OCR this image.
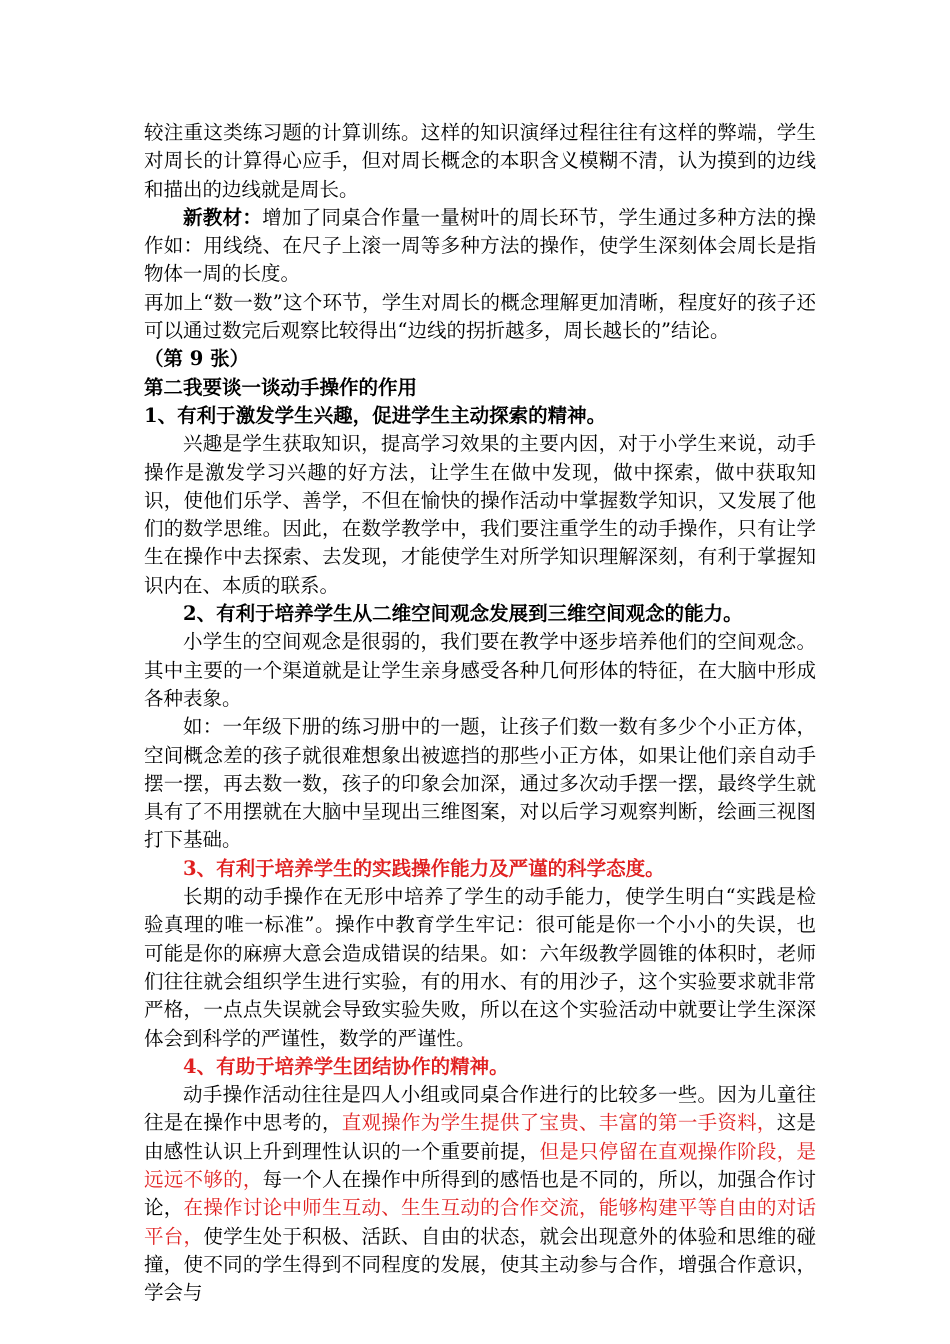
较注重这类练习题的计算训练。这样的知识演绎过程往往有这样的弊端，学生对周长的计算得心应手，但对周长概念的本职含义模糊不清，认为摸到的边线和描出的边线就是周长。

新教材：增加了同桌合作量一量树叶的周长环节，学生通过多种方法的操作如：用线绕、在尺子上滚一周等多种方法的操作，使学生深刻体会周长是指物体一周的长度。

再加上“数一数”这个环节，学生对周长的概念理解更加清晰，程度好的孩子还可以通过数完后观察比较得出“边线的拐折越多，周长越长的”结论。

（第 9 张）

第二我要谈一谈动手操作的作用

1、有利于激发学生兴趣，促进学生主动探索的精神。

兴趣是学生获取知识，提高学习效果的主要内因，对于小学生来说，动手操作是激发学习兴趣的好方法，让学生在做中发现，做中探索，做中获取知识，使他们乐学、善学，不但在愉快的操作活动中掌握数学知识，又发展了他们的数学思维。因此，在数学教学中，我们要注重学生的动手操作，只有让学生在操作中去探索、去发现，才能使学生对所学知识理解深刻，有利于掌握知识内在、本质的联系。

2、有利于培养学生从二维空间观念发展到三维空间观念的能力。

小学生的空间观念是很弱的，我们要在教学中逐步培养他们的空间观念。其中主要的一个渠道就是让学生亲身感受各种几何形体的特征，在大脑中形成各种表象。

如：一年级下册的练习册中的一题，让孩子们数一数有多少个小正方体，空间概念差的孩子就很难想象出被遮挡的那些小正方体，如果让他们亲自动手摆一摆，再去数一数，孩子的印象会加深，通过多次动手摆一摆，最终学生就具有了不用摆就在大脑中呈现出三维图案，对以后学习观察判断，绘画三视图打下基础。

3、有利于培养学生的实践操作能力及严谨的科学态度。

长期的动手操作在无形中培养了学生的动手能力，使学生明白“实践是检验真理的唯一标准”。操作中教育学生牢记：很可能是你一个小小的失误，也可能是你的麻痹大意会造成错误的结果。如：六年级教学圆锥的体积时，老师们往往就会组织学生进行实验，有的用水、有的用沙子，这个实验要求就非常严格，一点点失误就会导致实验失败，所以在这个实验活动中就要让学生深深体会到科学的严谨性，数学的严谨性。

4、有助于培养学生团结协作的精神。

动手操作活动往往是四人小组或同桌合作进行的比较多一些。因为儿童往往是在操作中思考的，直观操作为学生提供了宝贵、丰富的第一手资料，这是由感性认识上升到理性认识的一个重要前提，但是只停留在直观操作阶段，是远远不够的，每一个人在操作中所得到的感悟也是不同的，所以，加强合作讨论，在操作讨论中师生互动、生生互动的合作交流，能够构建平等自由的对话平台，使学生处于积极、活跃、自由的状态，就会出现意外的体验和思维的碰撞，使不同的学生得到不同程度的发展，使其主动参与合作，增强合作意识，学会与
